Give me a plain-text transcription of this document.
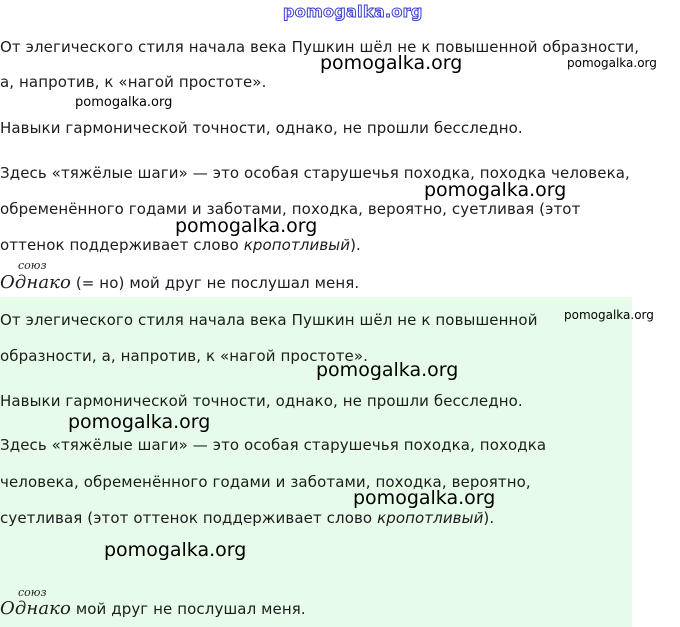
pomogalka.org
От элегического стиля начала века Пушкин шёл не к повышенной образности,
а, напротив, к «нагой простоте».
Навыки гармонической точности, однако, не прошли бесследно.
Здесь «тяжёлые шаги» — это особая старушечья походка, походка человека,
обременённого годами и заботами, походка, вероятно, суетливая (этот
оттенок поддерживает слово кропотливый).
союз
Однако (= но) мой друг не послушал меня.
От элегического стиля начала века Пушкин шёл не к повышенной
образности, а, напротив, к «нагой простоте».
Навыки гармонической точности, однако, не прошли бесследно.
Здесь «тяжёлые шаги» — это особая старушечья походка, походка
человека, обременённого годами и заботами, походка, вероятно,
суетливая (этот оттенок поддерживает слово кропотливый).
союз
Однако мой друг не послушал меня.
pomogalka.org	pomogalka.org
pomogalka.org
pomogalka.org
pomogalka.org
pomogalka.org
pomogalka.org
pomogalka.org
pomogalka.org
pomogalka.org
